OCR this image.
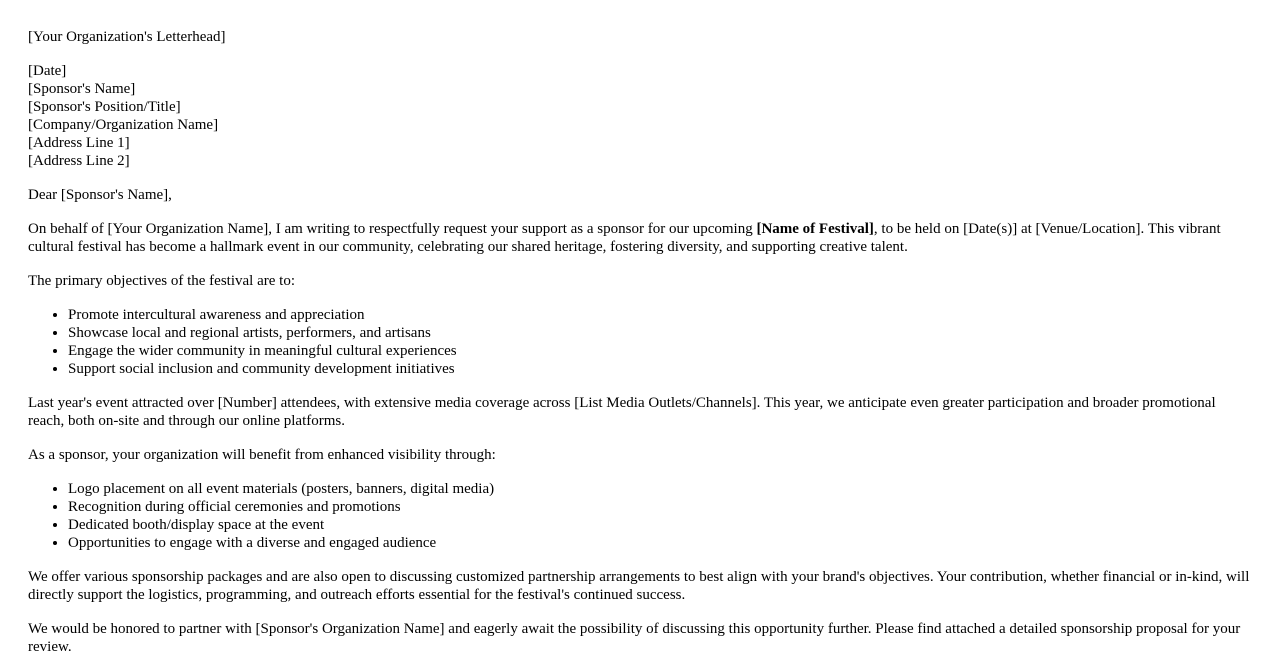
[Your Organization's Letterhead]

[Date]
[Sponsor's Name]
[Sponsor's Position/Title]
[Company/Organization Name]
[Address Line 1]
[Address Line 2]

Dear [Sponsor's Name],

On behalf of [Your Organization Name], I am writing to respectfully request your support as a sponsor for our upcoming [Name of Festival], to be held on [Date(s)] at [Venue/Location]. This vibrant cultural festival has become a hallmark event in our community, celebrating our shared heritage, fostering diversity, and supporting creative talent.

The primary objectives of the festival are to:

• Promote intercultural awareness and appreciation
• Showcase local and regional artists, performers, and artisans
• Engage the wider community in meaningful cultural experiences
• Support social inclusion and community development initiatives

Last year's event attracted over [Number] attendees, with extensive media coverage across [List Media Outlets/Channels]. This year, we anticipate even greater participation and broader promotional reach, both on-site and through our online platforms.

As a sponsor, your organization will benefit from enhanced visibility through:

• Logo placement on all event materials (posters, banners, digital media)
• Recognition during official ceremonies and promotions
• Dedicated booth/display space at the event
• Opportunities to engage with a diverse and engaged audience

We offer various sponsorship packages and are also open to discussing customized partnership arrangements to best align with your brand's objectives. Your contribution, whether financial or in-kind, will directly support the logistics, programming, and outreach efforts essential for the festival's continued success.

We would be honored to partner with [Sponsor's Organization Name] and eagerly await the possibility of discussing this opportunity further. Please find attached a detailed sponsorship proposal for your review.
